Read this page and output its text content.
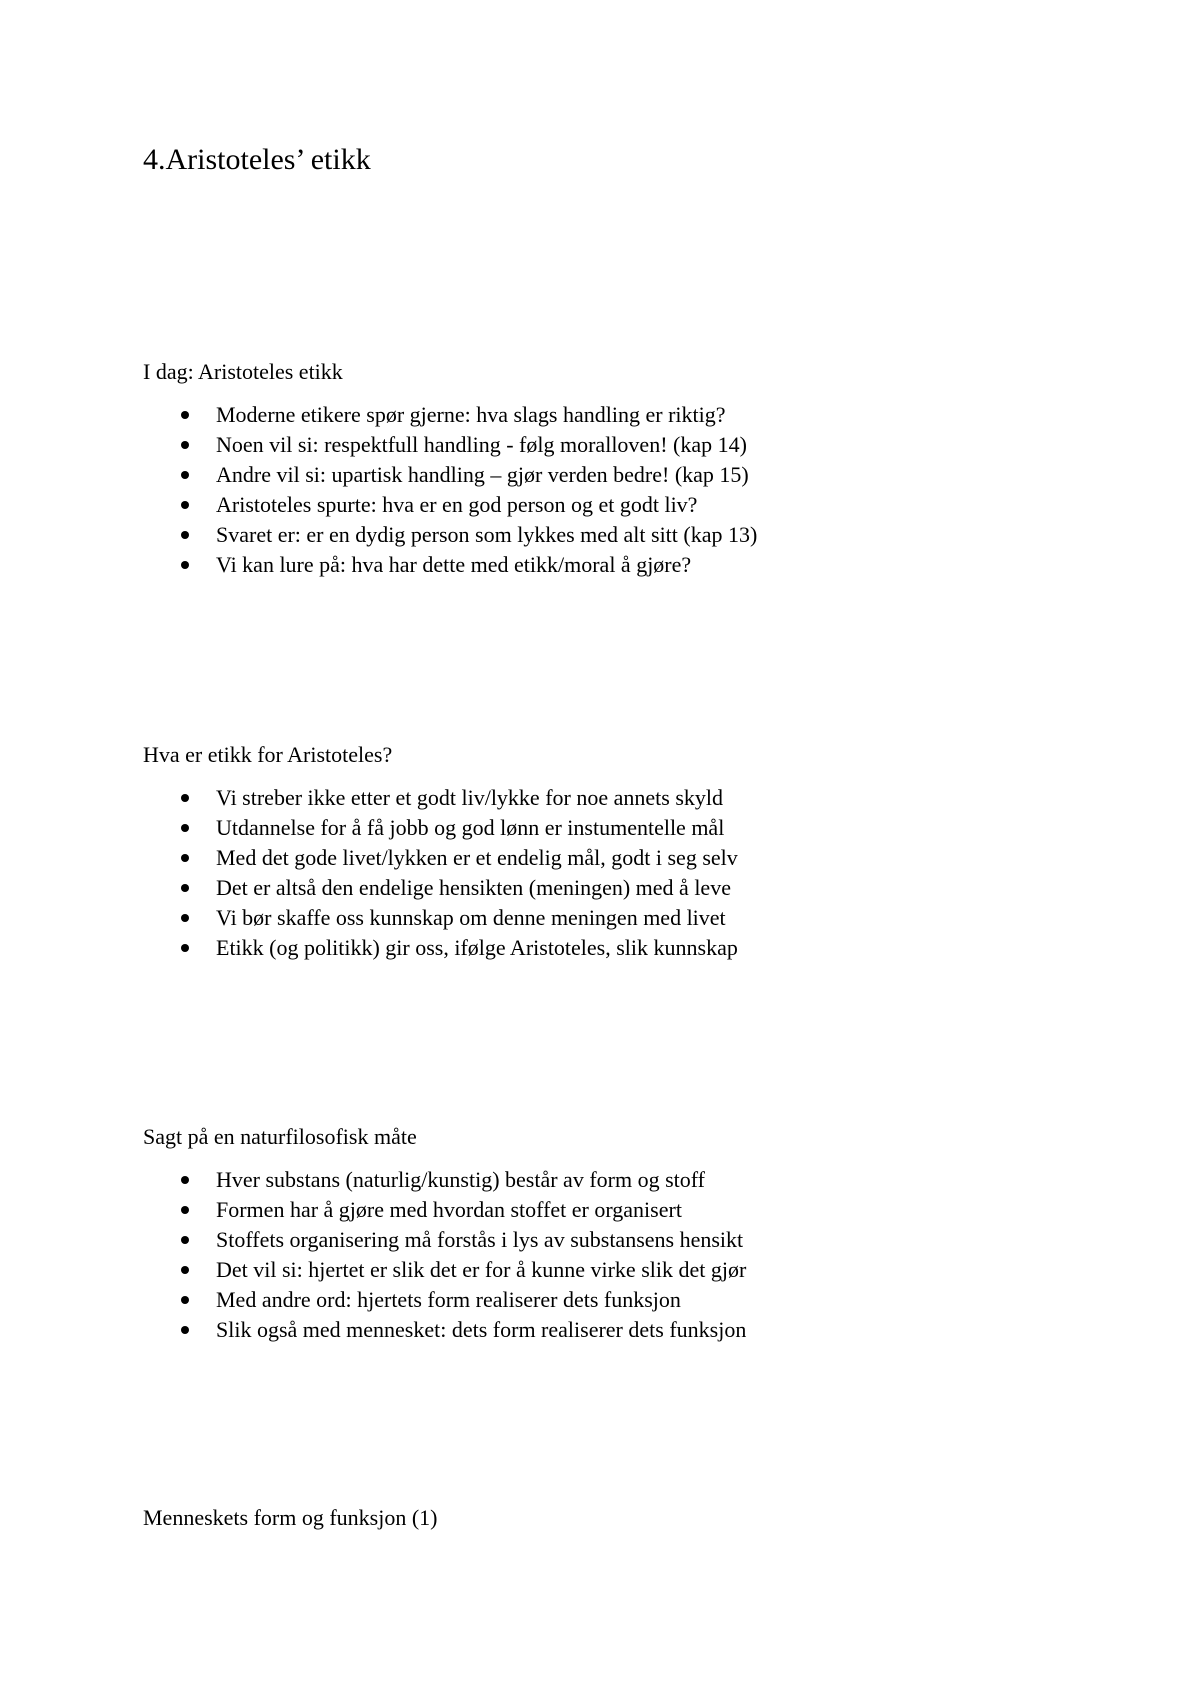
4.Aristoteles’ etikk

I dag: Aristoteles etikk

Moderne etikere spør gjerne: hva slags handling er riktig?
Noen vil si: respektfull handling - følg moralloven! (kap 14)
Andre vil si: upartisk handling – gjør verden bedre! (kap 15)
Aristoteles spurte: hva er en god person og et godt liv?
Svaret er: er en dydig person som lykkes med alt sitt (kap 13)
Vi kan lure på: hva har dette med etikk/moral å gjøre?

Hva er etikk for Aristoteles?

Vi streber ikke etter et godt liv/lykke for noe annets skyld
Utdannelse for å få jobb og god lønn er instumentelle mål
Med det gode livet/lykken er et endelig mål, godt i seg selv
Det er altså den endelige hensikten (meningen) med å leve
Vi bør skaffe oss kunnskap om denne meningen med livet
Etikk (og politikk) gir oss, ifølge Aristoteles, slik kunnskap

Sagt på en naturfilosofisk måte

Hver substans (naturlig/kunstig) består av form og stoff
Formen har å gjøre med hvordan stoffet er organisert
Stoffets organisering må forstås i lys av substansens hensikt
Det vil si: hjertet er slik det er for å kunne virke slik det gjør
Med andre ord: hjertets form realiserer dets funksjon
Slik også med mennesket: dets form realiserer dets funksjon

Menneskets form og funksjon (1)
